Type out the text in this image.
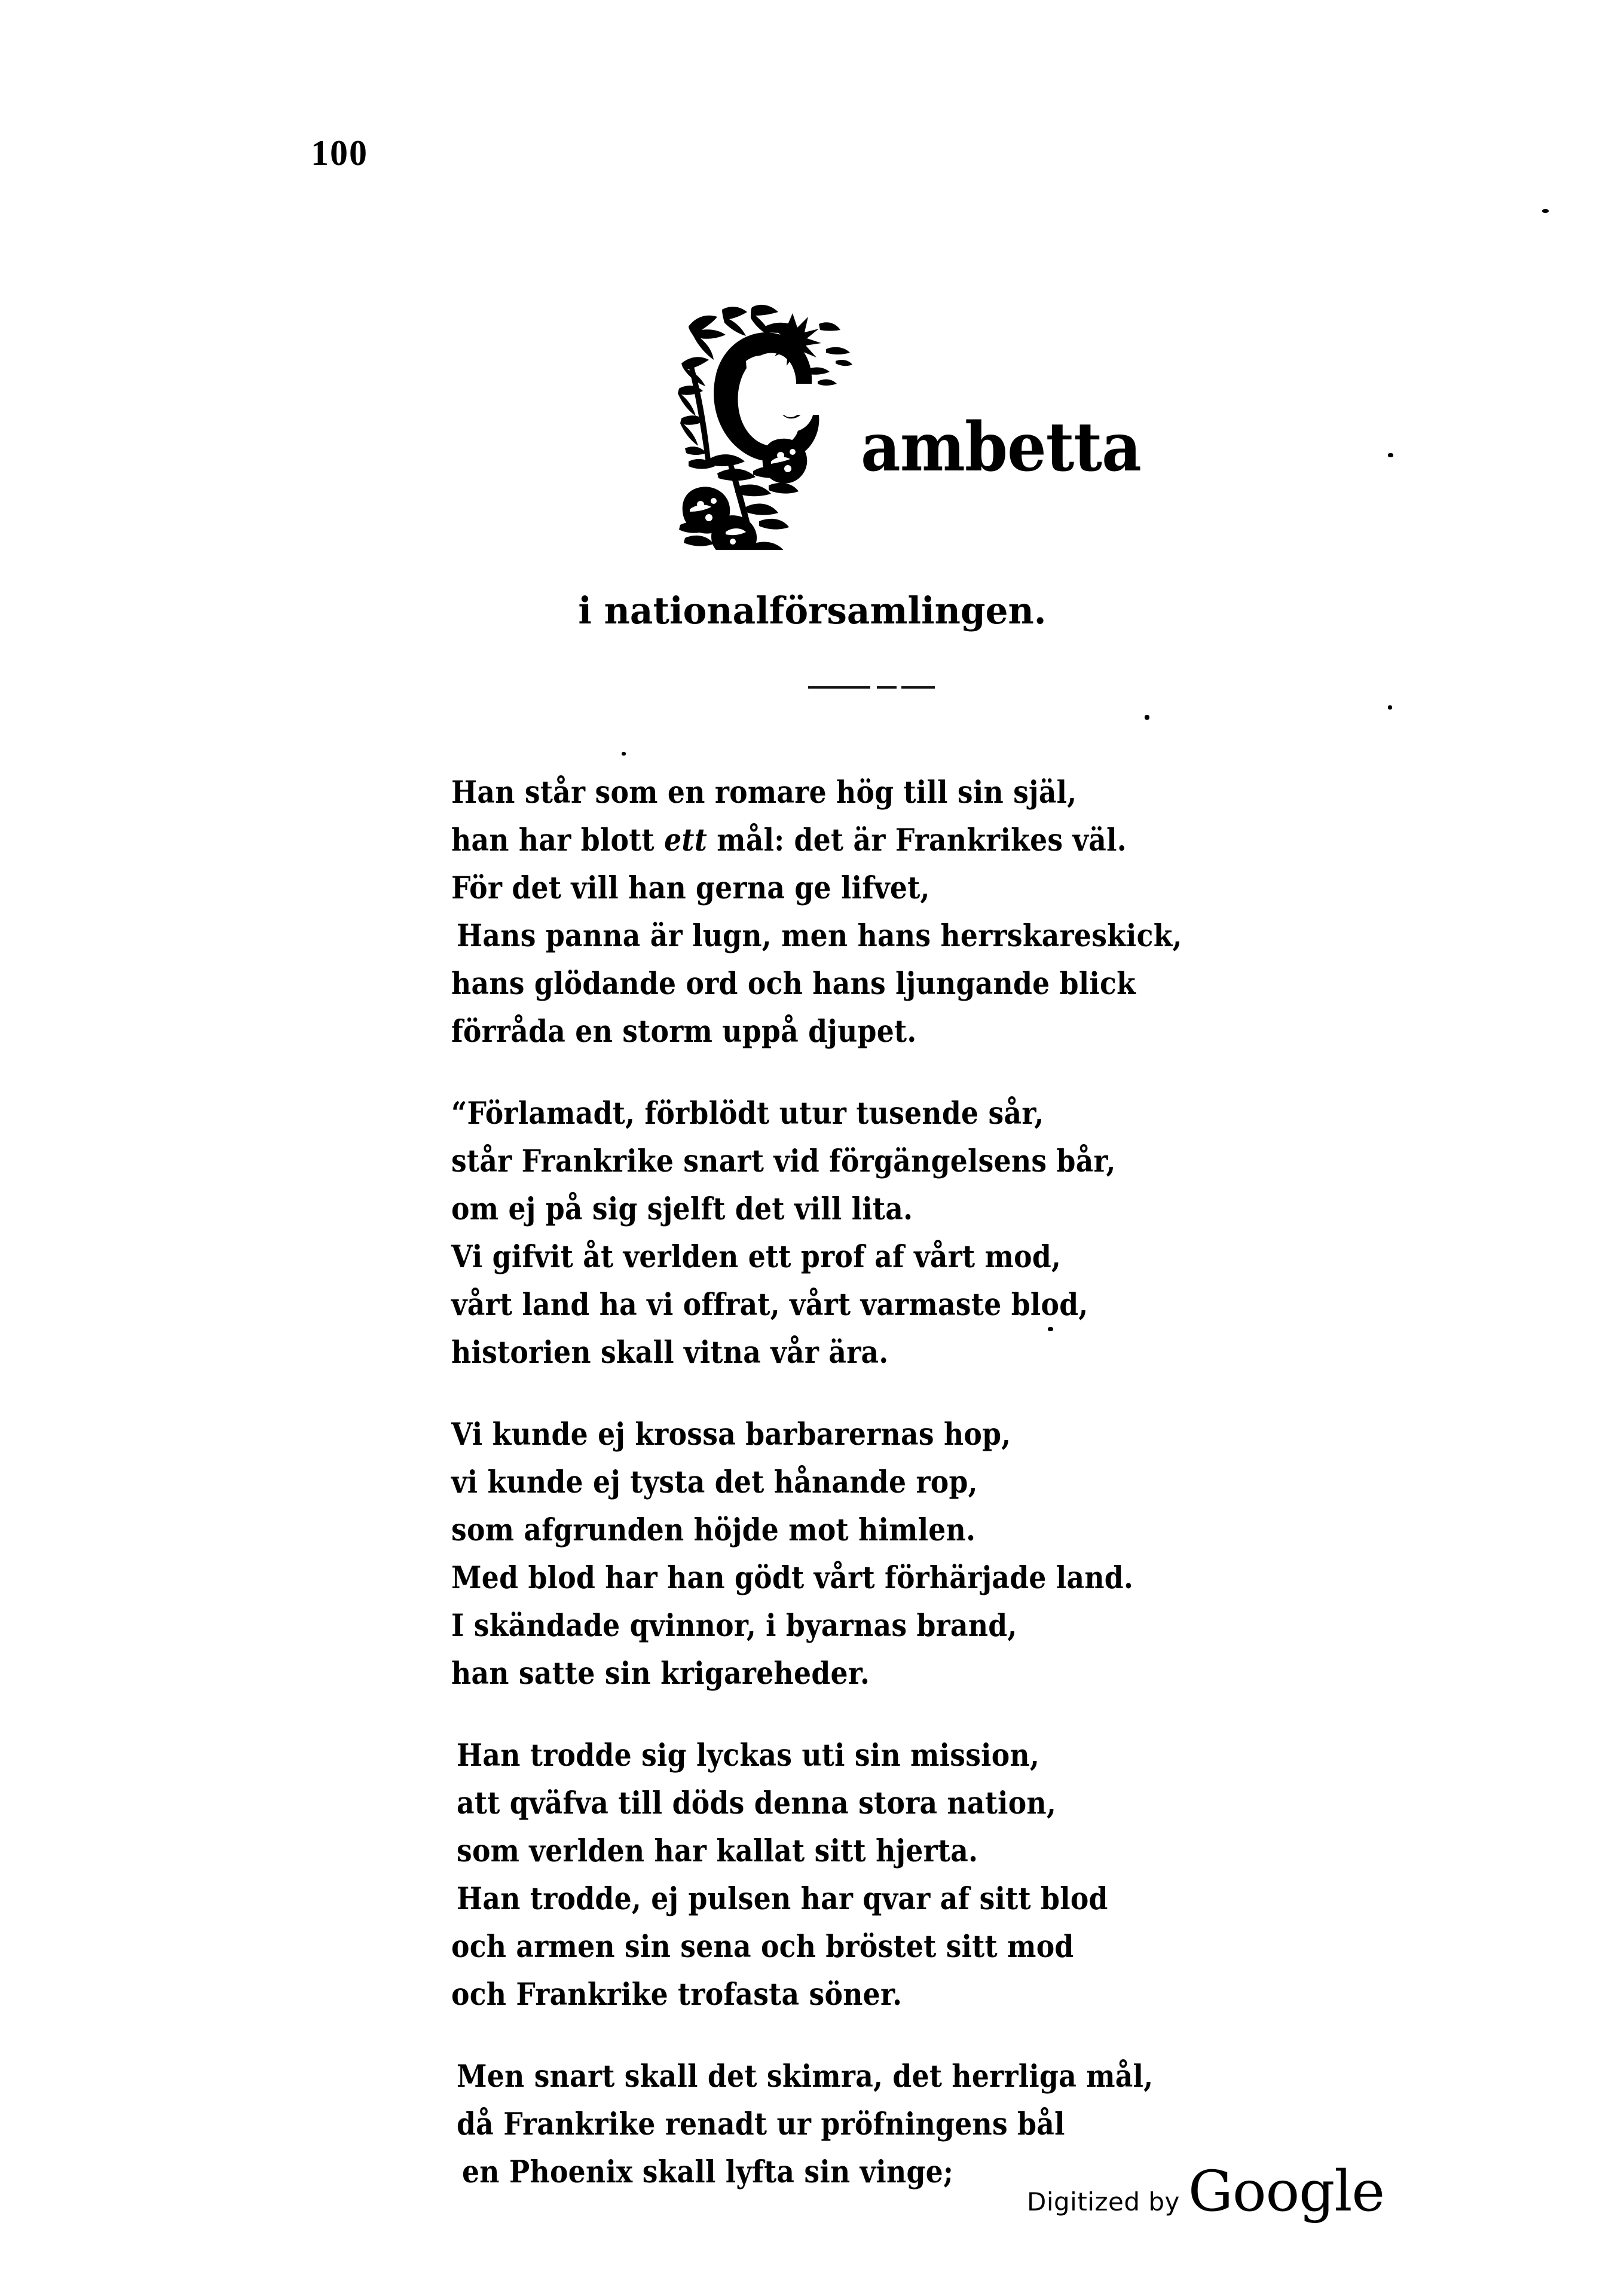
100
ambetta
i nationalförsamlingen.
Han står som en romare hög till sin själ,
han har blott ett mål: det är Frankrikes väl.
För det vill han gerna ge lifvet,
Hans panna är lugn, men hans herrskareskick,
hans glödande ord och hans ljungande blick
förråda en storm uppå djupet.
“Förlamadt, förblödt utur tusende sår,
står Frankrike snart vid förgängelsens bår,
om ej på sig sjelft det vill lita.
Vi gifvit åt verlden ett prof af vårt mod,
vårt land ha vi offrat, vårt varmaste blod,
historien skall vitna vår ära.
Vi kunde ej krossa barbarernas hop,
vi kunde ej tysta det hånande rop,
som afgrunden höjde mot himlen.
Med blod har han gödt vårt förhärjade land.
I skändade qvinnor, i byarnas brand,
han satte sin krigareheder.
Han trodde sig lyckas uti sin mission,
att qväfva till döds denna stora nation,
som verlden har kallat sitt hjerta.
Han trodde, ej pulsen har qvar af sitt blod
och armen sin sena och bröstet sitt mod
och Frankrike trofasta söner.
Men snart skall det skimra, det herrliga mål,
då Frankrike renadt ur pröfningens bål
en Phoenix skall lyfta sin vinge;
Digitized by Google
